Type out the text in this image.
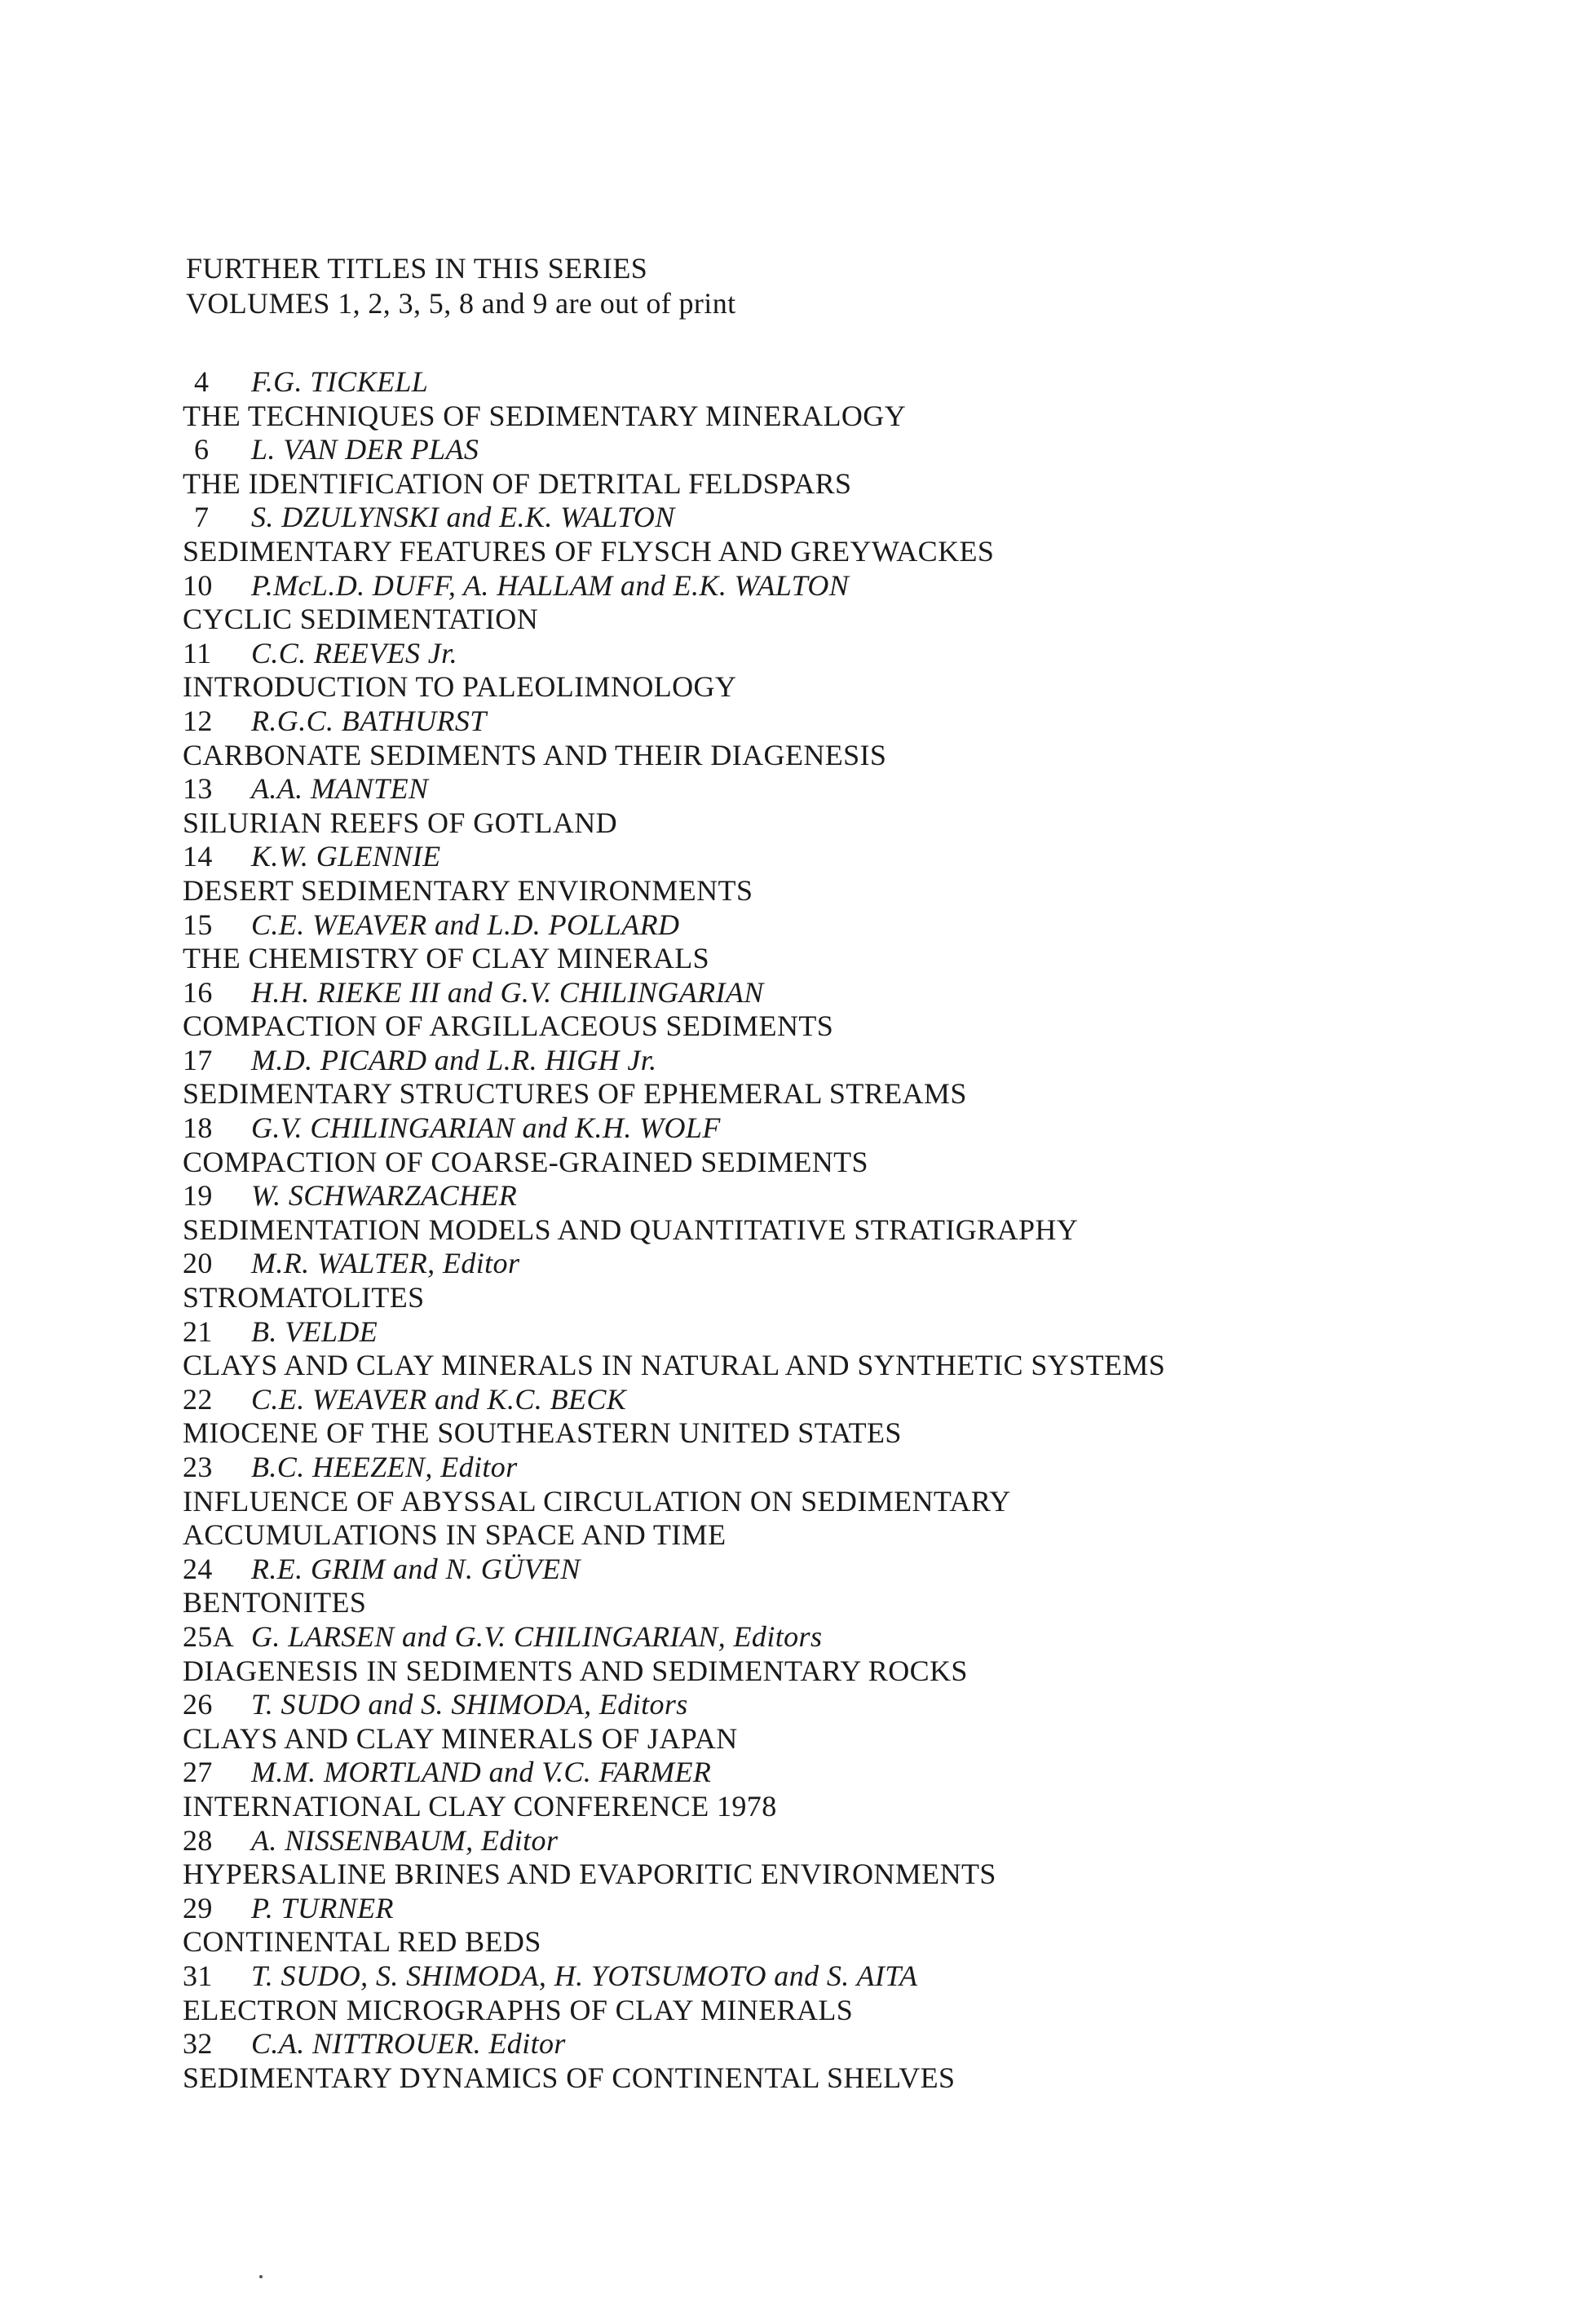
FURTHER TITLES IN THIS SERIES
VOLUMES 1, 2, 3, 5, 8 and 9 are out of print
4 F.G. TICKELL
THE TECHNIQUES OF SEDIMENTARY MINERALOGY
6 L. VAN DER PLAS
THE IDENTIFICATION OF DETRITAL FELDSPARS
7 S. DZULYNSKI and E.K. WALTON
SEDIMENTARY FEATURES OF FLYSCH AND GREYWACKES
10 P.McL.D. DUFF, A. HALLAM and E.K. WALTON
CYCLIC SEDIMENTATION
11 C.C. REEVES Jr.
INTRODUCTION TO PALEOLIMNOLOGY
12 R.G.C. BATHURST
CARBONATE SEDIMENTS AND THEIR DIAGENESIS
13 A.A. MANTEN
SILURIAN REEFS OF GOTLAND
14 K.W. GLENNIE
DESERT SEDIMENTARY ENVIRONMENTS
15 C.E. WEAVER and L.D. POLLARD
THE CHEMISTRY OF CLAY MINERALS
16 H.H. RIEKE III and G.V. CHILINGARIAN
COMPACTION OF ARGILLACEOUS SEDIMENTS
17 M.D. PICARD and L.R. HIGH Jr.
SEDIMENTARY STRUCTURES OF EPHEMERAL STREAMS
18 G.V. CHILINGARIAN and K.H. WOLF
COMPACTION OF COARSE-GRAINED SEDIMENTS
19 W. SCHWARZACHER
SEDIMENTATION MODELS AND QUANTITATIVE STRATIGRAPHY
20 M.R. WALTER, Editor
STROMATOLITES
21 B. VELDE
CLAYS AND CLAY MINERALS IN NATURAL AND SYNTHETIC SYSTEMS
22 C.E. WEAVER and K.C. BECK
MIOCENE OF THE SOUTHEASTERN UNITED STATES
23 B.C. HEEZEN, Editor
INFLUENCE OF ABYSSAL CIRCULATION ON SEDIMENTARY
ACCUMULATIONS IN SPACE AND TIME
24 R.E. GRIM and N. GÜVEN
BENTONITES
25A G. LARSEN and G.V. CHILINGARIAN, Editors
DIAGENESIS IN SEDIMENTS AND SEDIMENTARY ROCKS
26 T. SUDO and S. SHIMODA, Editors
CLAYS AND CLAY MINERALS OF JAPAN
27 M.M. MORTLAND and V.C. FARMER
INTERNATIONAL CLAY CONFERENCE 1978
28 A. NISSENBAUM, Editor
HYPERSALINE BRINES AND EVAPORITIC ENVIRONMENTS
29 P. TURNER
CONTINENTAL RED BEDS
31 T. SUDO, S. SHIMODA, H. YOTSUMOTO and S. AITA
ELECTRON MICROGRAPHS OF CLAY MINERALS
32 C.A. NITTROUER. Editor
SEDIMENTARY DYNAMICS OF CONTINENTAL SHELVES
